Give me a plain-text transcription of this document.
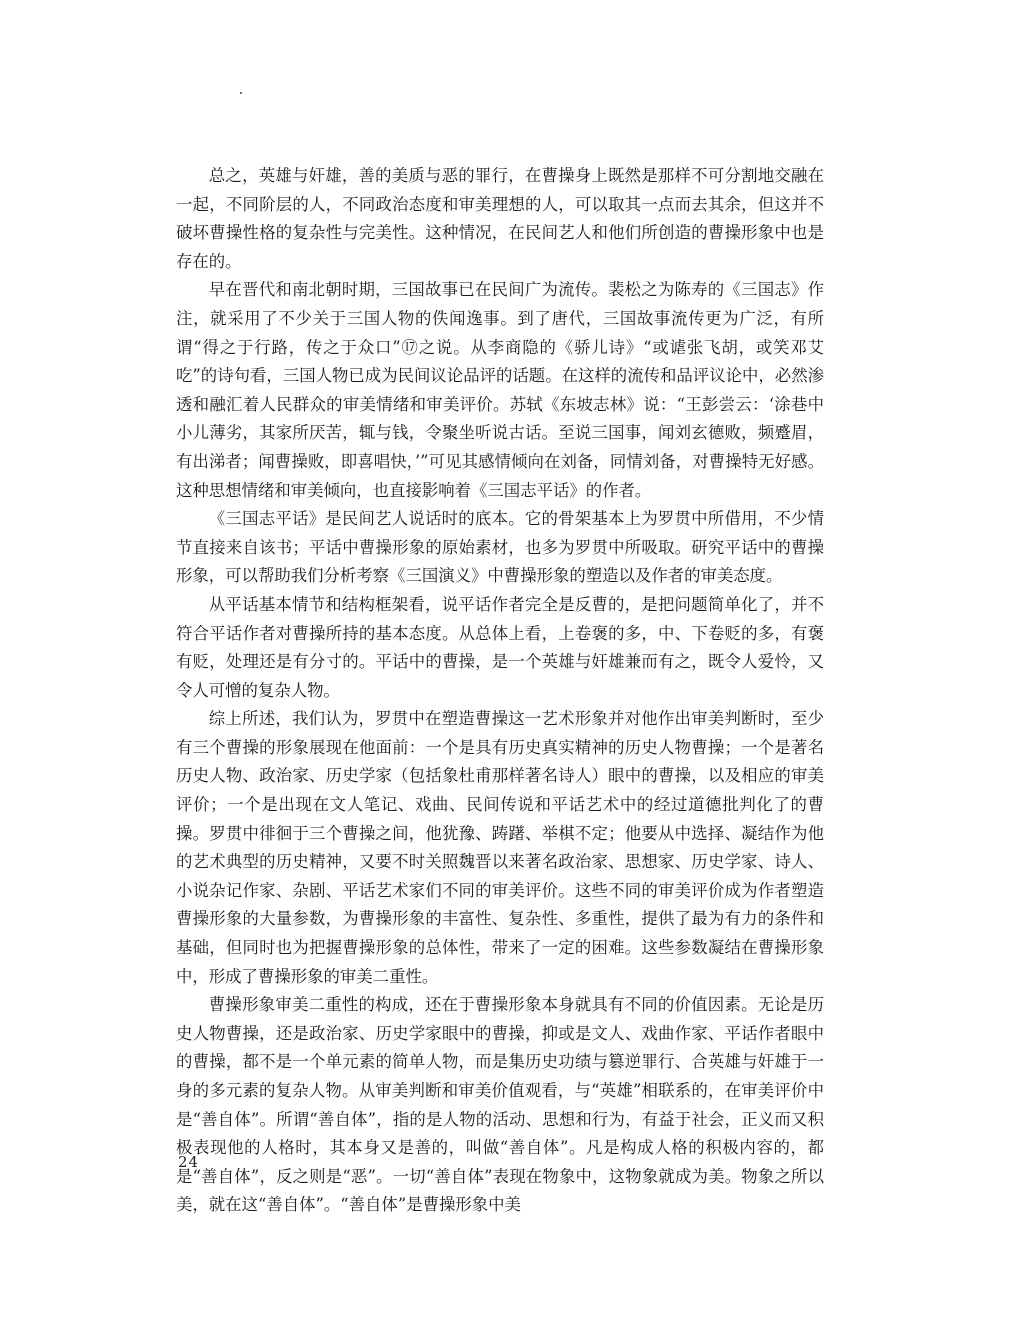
总之，英雄与奸雄，善的美质与恶的罪行，在曹操身上既然是那样不可分割地交融在一起，不同阶层的人，不同政治态度和审美理想的人，可以取其一点而去其余，但这并不破坏曹操性格的复杂性与完美性。这种情况，在民间艺人和他们所创造的曹操形象中也是存在的。

早在晋代和南北朝时期，三国故事已在民间广为流传。裴松之为陈寿的《三国志》作注，就采用了不少关于三国人物的佚闻逸事。到了唐代，三国故事流传更为广泛，有所谓“得之于行路，传之于众口”⑰之说。从李商隐的《骄儿诗》“或谑张飞胡，或笑邓艾吃”的诗句看，三国人物已成为民间议论品评的话题。在这样的流传和品评议论中，必然渗透和融汇着人民群众的审美情绪和审美评价。苏轼《东坡志林》说：“王彭尝云：‘涂巷中小儿薄劣，其家所厌苦，辄与钱，令聚坐听说古话。至说三国事，闻刘玄德败，频蹙眉，有出涕者；闻曹操败，即喜唱快，’”可见其感情倾向在刘备，同情刘备，对曹操特无好感。这种思想情绪和审美倾向，也直接影响着《三国志平话》的作者。

《三国志平话》是民间艺人说话时的底本。它的骨架基本上为罗贯中所借用，不少情节直接来自该书；平话中曹操形象的原始素材，也多为罗贯中所吸取。研究平话中的曹操形象，可以帮助我们分析考察《三国演义》中曹操形象的塑造以及作者的审美态度。

从平话基本情节和结构框架看，说平话作者完全是反曹的，是把问题简单化了，并不符合平话作者对曹操所持的基本态度。从总体上看，上卷褒的多，中、下卷贬的多，有褒有贬，处理还是有分寸的。平话中的曹操，是一个英雄与奸雄兼而有之，既令人爱怜，又令人可憎的复杂人物。

综上所述，我们认为，罗贯中在塑造曹操这一艺术形象并对他作出审美判断时，至少有三个曹操的形象展现在他面前：一个是具有历史真实精神的历史人物曹操；一个是著名历史人物、政治家、历史学家（包括象杜甫那样著名诗人）眼中的曹操，以及相应的审美评价；一个是出现在文人笔记、戏曲、民间传说和平话艺术中的经过道德批判化了的曹操。罗贯中徘徊于三个曹操之间，他犹豫、踌躇、举棋不定；他要从中选择、凝结作为他的艺术典型的历史精神，又要不时关照魏晋以来著名政治家、思想家、历史学家、诗人、小说杂记作家、杂剧、平话艺术家们不同的审美评价。这些不同的审美评价成为作者塑造曹操形象的大量参数，为曹操形象的丰富性、复杂性、多重性，提供了最为有力的条件和基础，但同时也为把握曹操形象的总体性，带来了一定的困难。这些参数凝结在曹操形象中，形成了曹操形象的审美二重性。

曹操形象审美二重性的构成，还在于曹操形象本身就具有不同的价值因素。无论是历史人物曹操，还是政治家、历史学家眼中的曹操，抑或是文人、戏曲作家、平话作者眼中的曹操，都不是一个单元素的简单人物，而是集历史功绩与篡逆罪行、合英雄与奸雄于一身的多元素的复杂人物。从审美判断和审美价值观看，与“英雄”相联系的，在审美评价中是“善自体”。所谓“善自体”，指的是人物的活动、思想和行为，有益于社会，正义而又积极表现他的人格时，其本身又是善的，叫做“善自体”。凡是构成人格的积极内容的，都是“善自体”，反之则是“恶”。一切“善自体”表现在物象中，这物象就成为美。物象之所以美，就在这“善自体”。“善自体”是曹操形象中美

24
